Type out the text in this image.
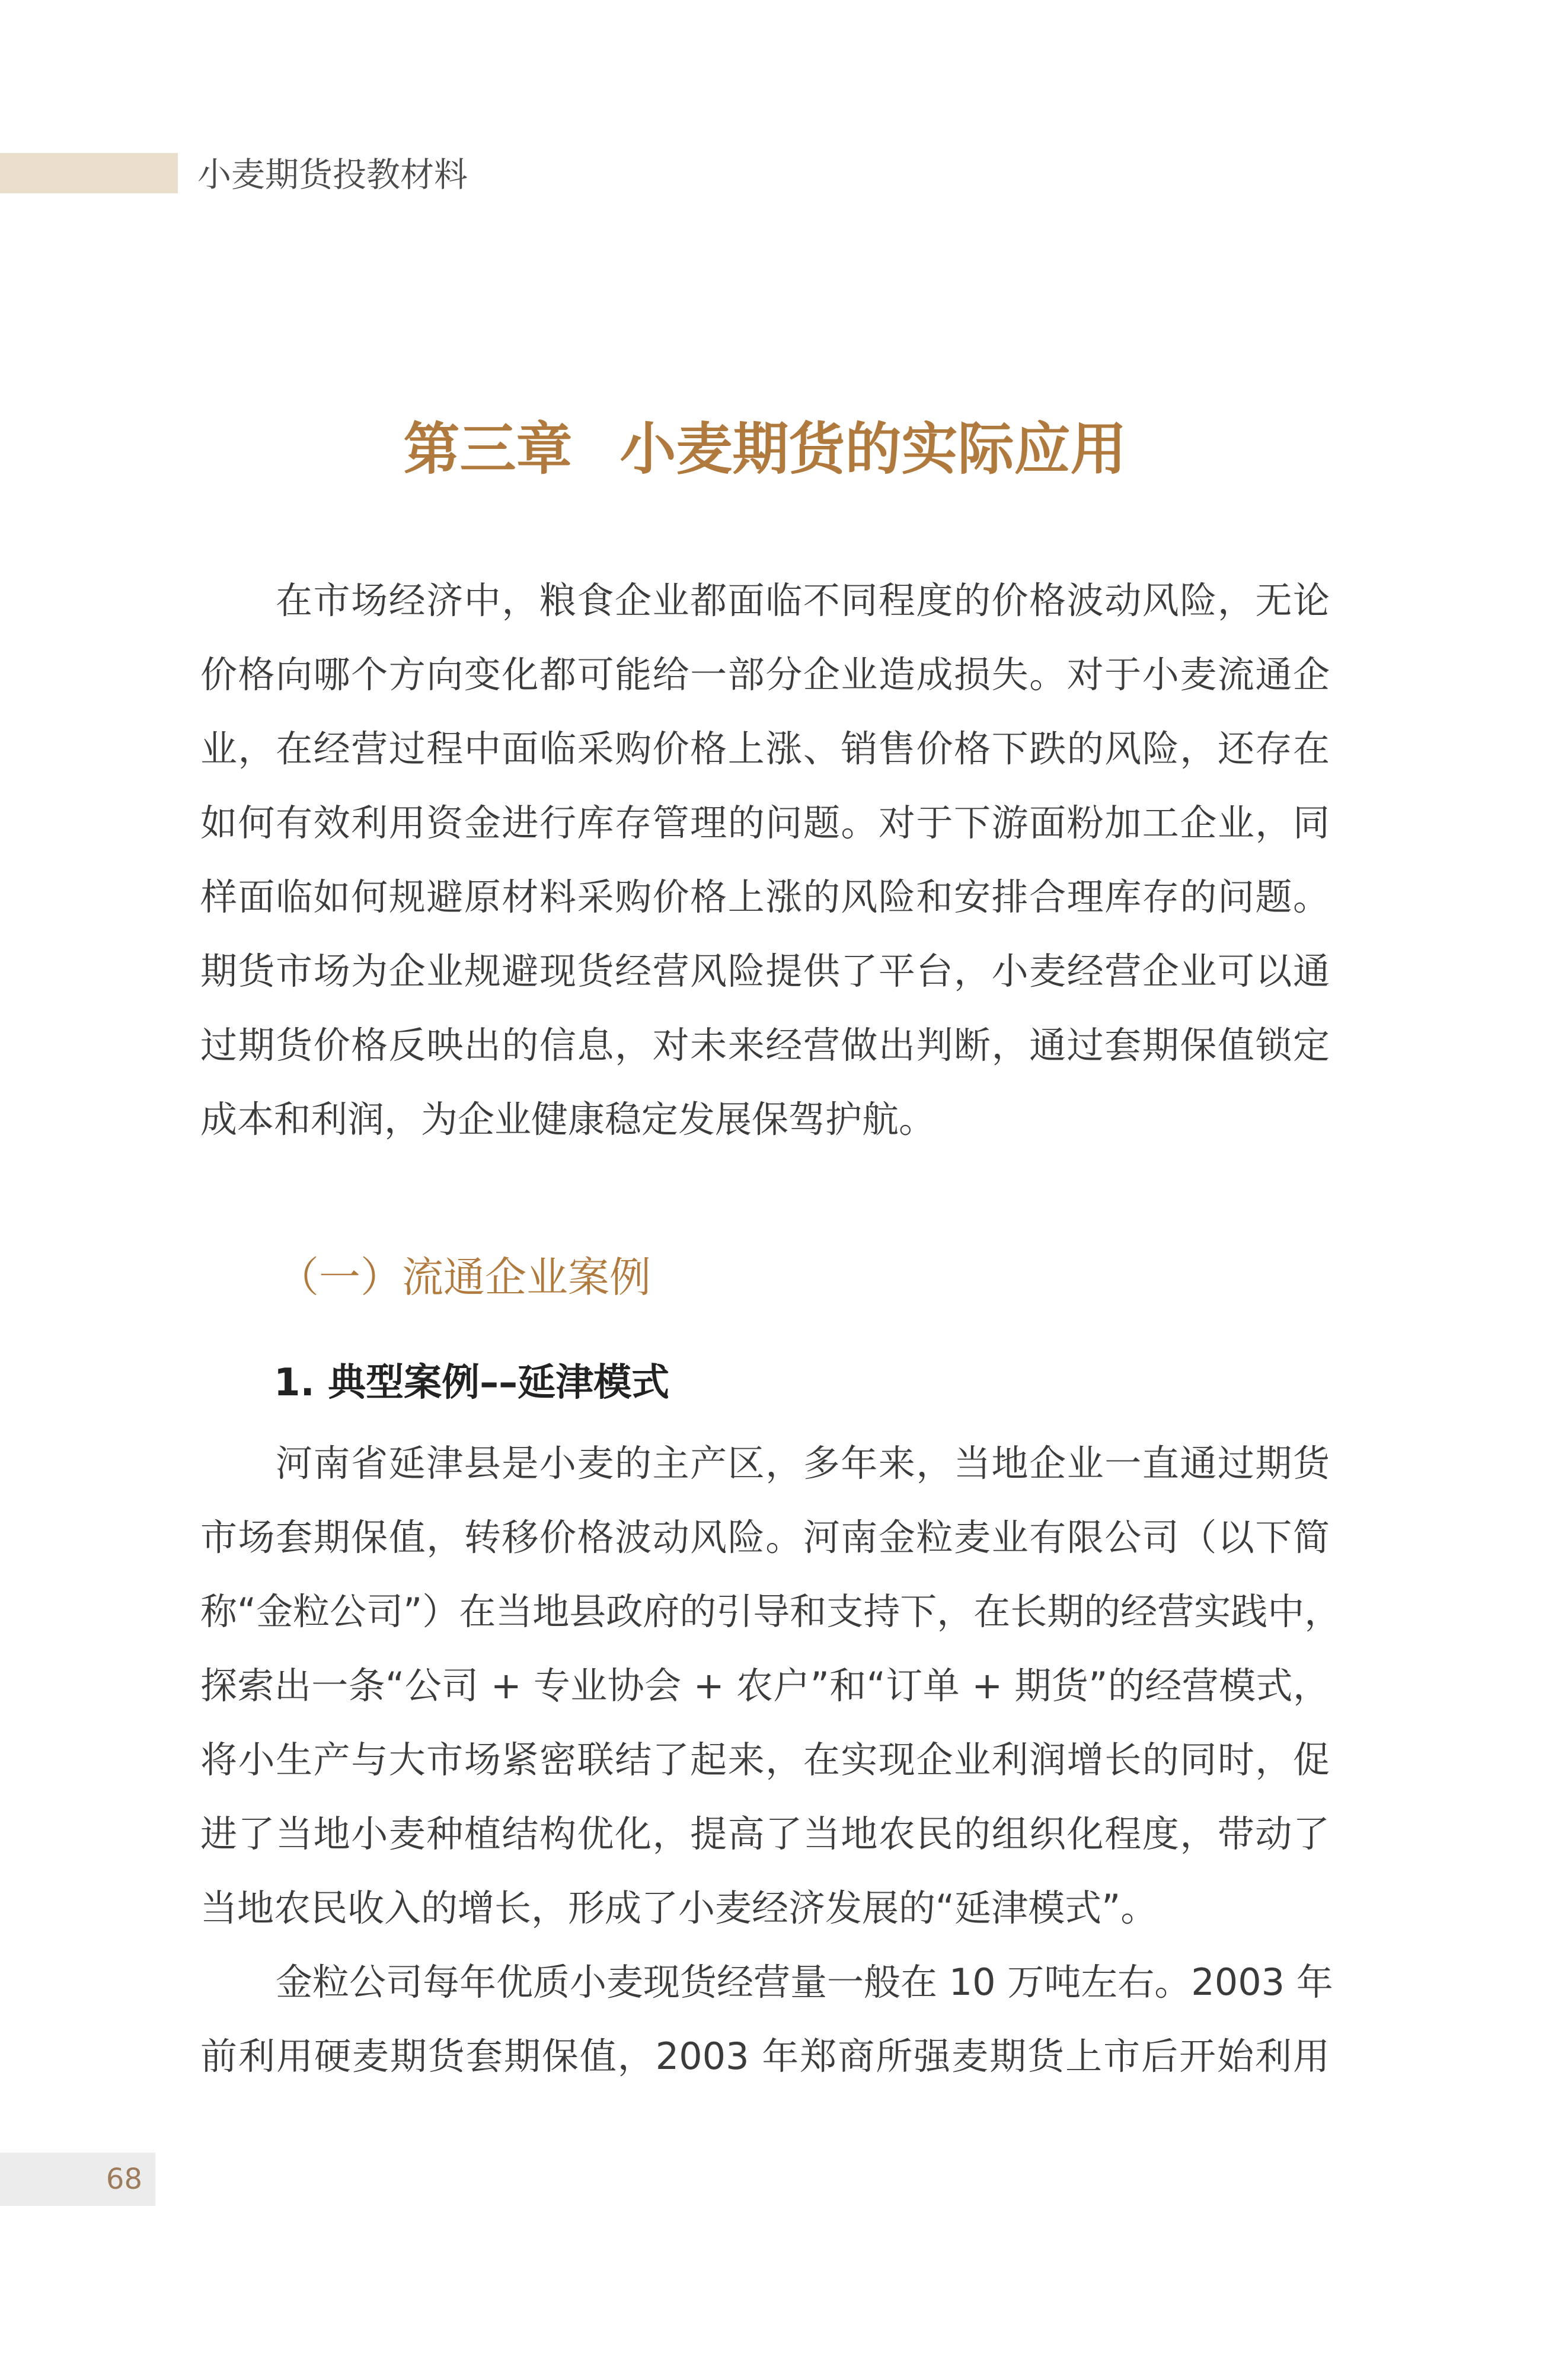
小麦期货投教材料
第三章 小麦期货的实际应用
在市场经济中，粮食企业都面临不同程度的价格波动风险，无论
价格向哪个方向变化都可能给一部分企业造成损失。对于小麦流通企
业，在经营过程中面临采购价格上涨、销售价格下跌的风险，还存在
如何有效利用资金进行库存管理的问题。对于下游面粉加工企业，同
样面临如何规避原材料采购价格上涨的风险和安排合理库存的问题。
期货市场为企业规避现货经营风险提供了平台，小麦经营企业可以通
过期货价格反映出的信息，对未来经营做出判断，通过套期保值锁定
成本和利润，为企业健康稳定发展保驾护航。
（一）流通企业案例
1. 典型案例––延津模式
河南省延津县是小麦的主产区，多年来，当地企业一直通过期货
市场套期保值，转移价格波动风险。河南金粒麦业有限公司（以下简
称“金粒公司”）在当地县政府的引导和支持下，在长期的经营实践中，
探索出一条“公司 + 专业协会 + 农户”和“订单 + 期货”的经营模式，
将小生产与大市场紧密联结了起来，在实现企业利润增长的同时，促
进了当地小麦种植结构优化，提高了当地农民的组织化程度，带动了
当地农民收入的增长，形成了小麦经济发展的“延津模式”。
金粒公司每年优质小麦现货经营量一般在 10 万吨左右。2003 年
前利用硬麦期货套期保值，2003 年郑商所强麦期货上市后开始利用
68
